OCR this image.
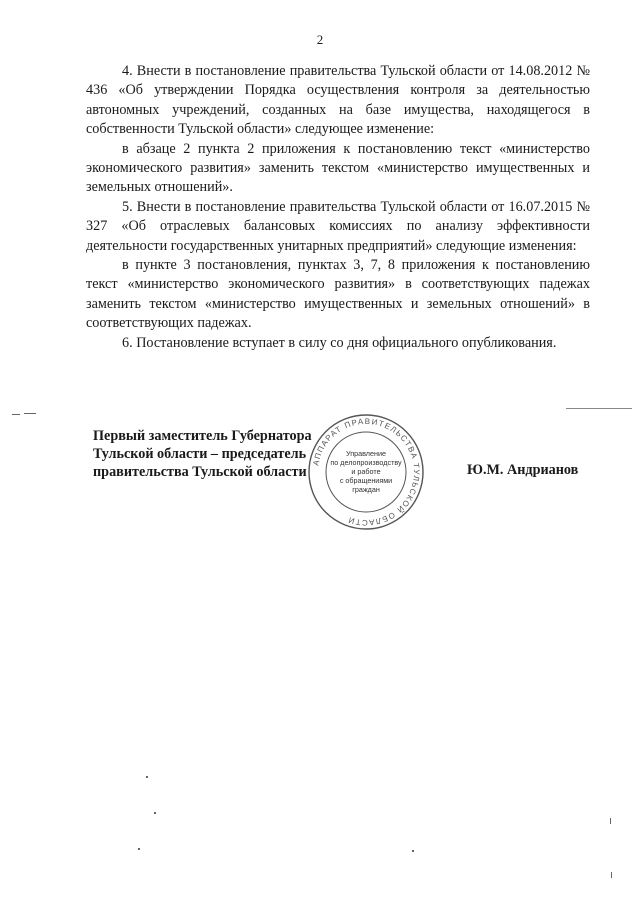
2

4. Внести в постановление правительства Тульской области от 14.08.2012 № 436 «Об утверждении Порядка осуществления контроля за деятельностью автономных учреждений, созданных на базе имущества, находящегося в собственности Тульской области» следующее изменение:

в абзаце 2 пункта 2 приложения к постановлению текст «министерство экономического развития» заменить текстом «министерство имущественных и земельных отношений».

5. Внести в постановление правительства Тульской области от 16.07.2015 № 327 «Об отраслевых балансовых комиссиях по анализу эффективности деятельности государственных унитарных предприятий» следующие изменения:

в пункте 3 постановления, пунктах 3, 7, 8 приложения к постановлению текст «министерство экономического развития» в соответствующих падежах заменить текстом «министерство имущественных и земельных отношений» в соответствующих падежах.

6. Постановление вступает в силу со дня официального опубликования.

Первый заместитель Губернатора
Тульской области – председатель
правительства Тульской области	Ю.М. Андрианов
АППАРАТ ПРАВИТЕЛЬСТВА ТУЛЬСКОЙ ОБЛАСТИ
Управление
по делопроизводству
и работе
с обращениями
граждан
